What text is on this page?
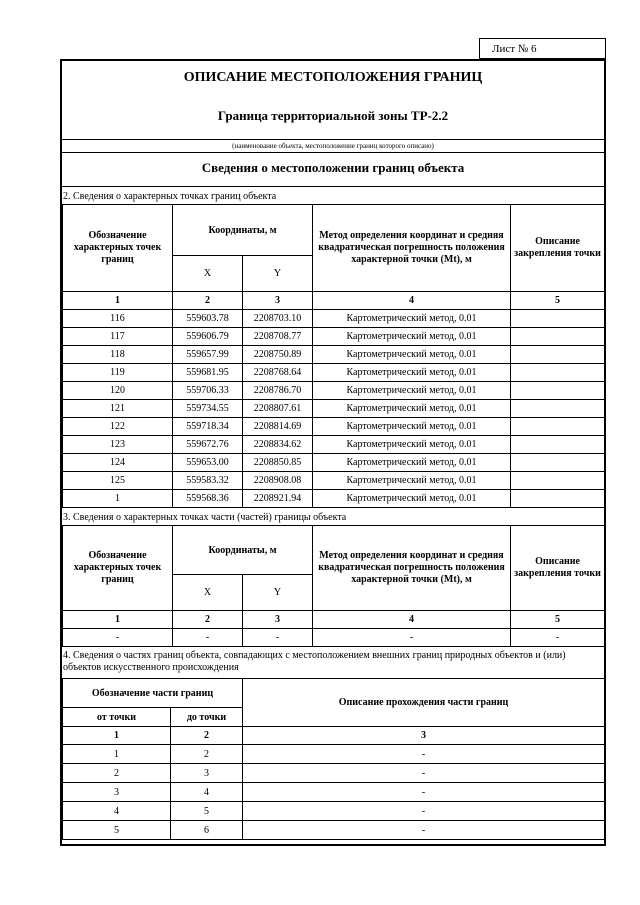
Лист № 6
ОПИСАНИЕ МЕСТОПОЛОЖЕНИЯ ГРАНИЦ
Граница территориальной зоны ТР-2.2
(наименование объекта, местоположение границ которого описано)
Сведения о местоположении границ объекта
2. Сведения о характерных точках границ объекта
Обозначение характерных точек границ	Координаты, м		Метод определения координат и средняя квадратическая погрешность положения характерной точки (Mt), м	Описание закрепления точки
	X	Y		
1	2	3	4	5
116	559603.78	2208703.10	Картометрический метод, 0.01	
117	559606.79	2208708.77	Картометрический метод, 0.01	
118	559657.99	2208750.89	Картометрический метод, 0.01	
119	559681.95	2208768.64	Картометрический метод, 0.01	
120	559706.33	2208786.70	Картометрический метод, 0.01	
121	559734.55	2208807.61	Картометрический метод, 0.01	
122	559718.34	2208814.69	Картометрический метод, 0.01	
123	559672.76	2208834.62	Картометрический метод, 0.01	
124	559653.00	2208850.85	Картометрический метод, 0.01	
125	559583.32	2208908.08	Картометрический метод, 0.01	
1	559568.36	2208921.94	Картометрический метод, 0.01	
3. Сведения о характерных точках части (частей) границы объекта
Обозначение характерных точек границ	Координаты, м		Метод определения координат и средняя квадратическая погрешность положения характерной точки (Mt), м	Описание закрепления точки
	X	Y		
1	2	3	4	5
-	-	-	-	-
4. Сведения о частях границ объекта, совпадающих с местоположением внешних границ природных объектов и (или) объектов искусственного происхождения
Обозначение части границ		Описание прохождения части границ
от точки	до точки	
1	2	3
1	2	-
2	3	-
3	4	-
4	5	-
5	6	-
